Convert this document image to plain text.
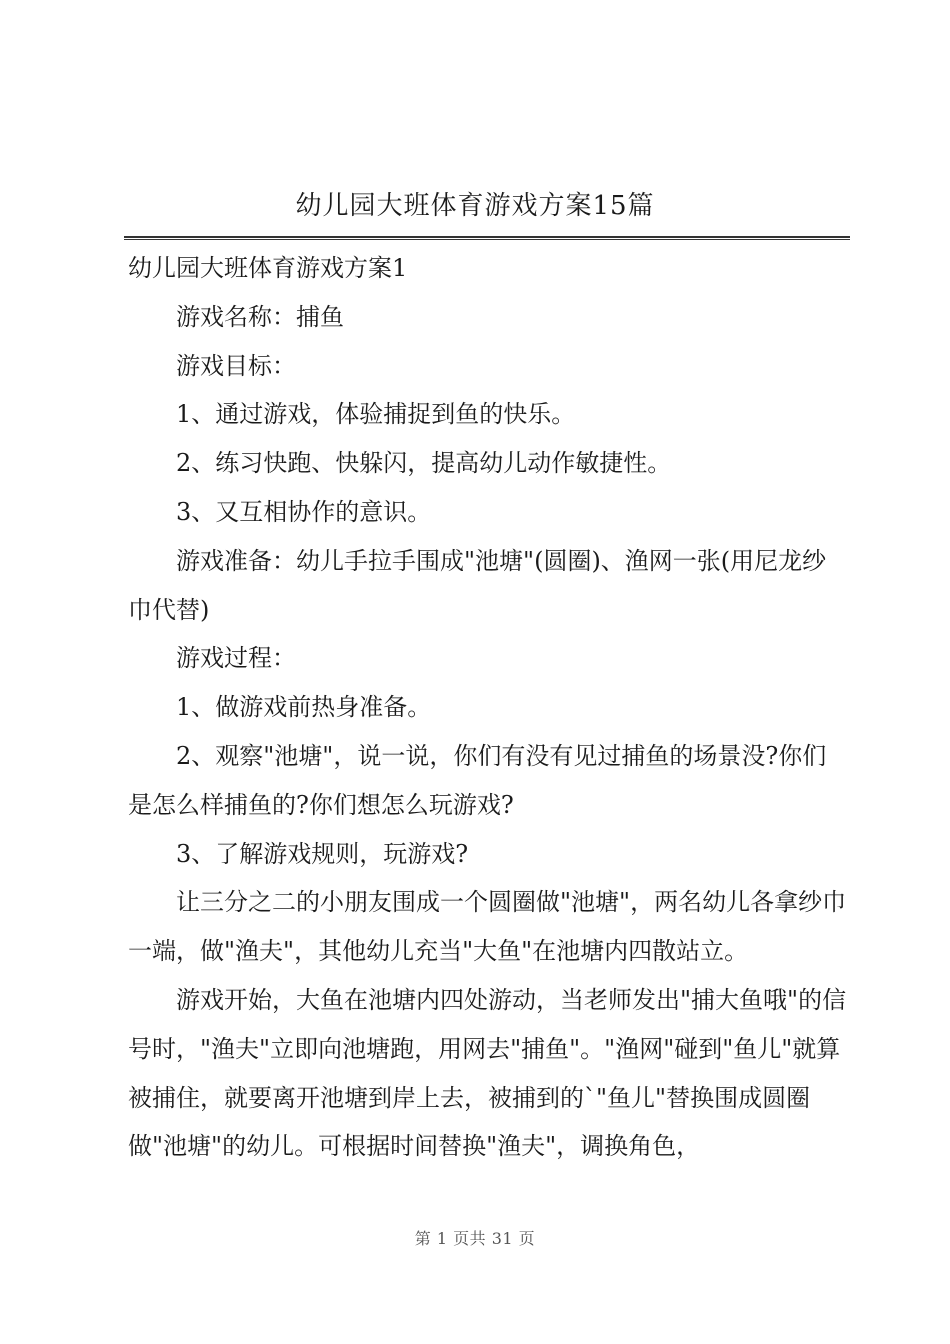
幼儿园大班体育游戏方案15篇

幼儿园大班体育游戏方案1

游戏名称：捕鱼

游戏目标：

1、通过游戏，体验捕捉到鱼的快乐。

2、练习快跑、快躲闪，提高幼儿动作敏捷性。

3、又互相协作的意识。

游戏准备：幼儿手拉手围成"池塘"(圆圈)、渔网一张(用尼龙纱巾代替)

游戏过程：

1、做游戏前热身准备。

2、观察"池塘"，说一说，你们有没有见过捕鱼的场景没?你们是怎么样捕鱼的?你们想怎么玩游戏?

3、了解游戏规则，玩游戏?

让三分之二的小朋友围成一个圆圈做"池塘"，两名幼儿各拿纱巾一端，做"渔夫"，其他幼儿充当"大鱼"在池塘内四散站立。

游戏开始，大鱼在池塘内四处游动，当老师发出"捕大鱼哦"的信号时，"渔夫"立即向池塘跑，用网去"捕鱼"。"渔网"碰到"鱼儿"就算被捕住，就要离开池塘到岸上去，被捕到的`"鱼儿"替换围成圆圈做"池塘"的幼儿。可根据时间替换"渔夫"，调换角色，

第 1 页共 31 页
